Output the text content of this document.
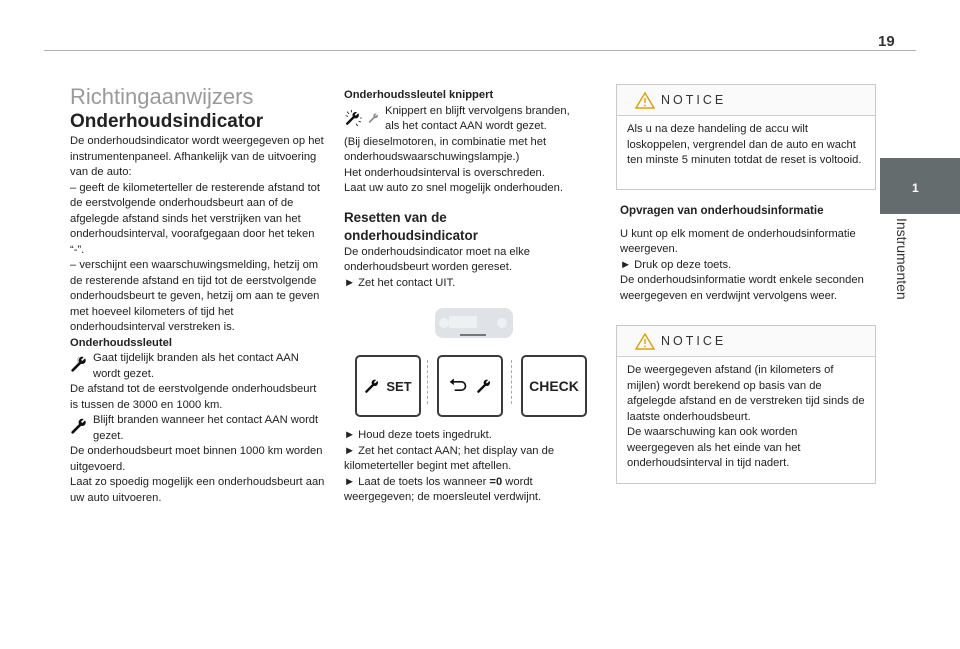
19
1
Instrumenten

Richtingaanwijzers

Onderhoudsindicator

De onderhoudsindicator wordt weergegeven op het instrumentenpaneel. Afhankelijk van de uitvoering van de auto:

– geeft de kilometerteller de resterende afstand tot de eerstvolgende onderhoudsbeurt aan of de afgelegde afstand sinds het verstrijken van het onderhoudsinterval, voorafgegaan door het teken “-”.

– verschijnt een waarschuwingsmelding, hetzij om de resterende afstand en tijd tot de eerstvolgende onderhoudsbeurt te geven, hetzij om aan te geven met hoeveel kilometers of tijd het onderhoudsinterval verstreken is.

Onderhoudssleutel

Gaat tijdelijk branden als het contact AAN wordt gezet.

De afstand tot de eerstvolgende onderhoudsbeurt is tussen de 3000 en 1000 km.

Blijft branden wanneer het contact AAN wordt gezet.

De onderhoudsbeurt moet binnen 1000 km worden uitgevoerd.

Laat zo spoedig mogelijk een onderhoudsbeurt aan uw auto uitvoeren.

Onderhoudssleutel knippert

Knippert en blijft vervolgens branden, als het contact AAN wordt gezet.

(Bij dieselmotoren, in combinatie met het onderhoudswaarschuwingslampje.)

Het onderhoudsinterval is overschreden.

Laat uw auto zo snel mogelijk onderhouden.

Resetten van de onderhoudsindicator

De onderhoudsindicator moet na elke onderhoudsbeurt worden gereset.

► Zet het contact UIT.

SET	CHECK

► Houd deze toets ingedrukt.

► Zet het contact AAN; het display van de kilometerteller begint met aftellen.

► Laat de toets los wanneer =0 wordt weergegeven; de moersleutel verdwijnt.

NOTICE
Als u na deze handeling de accu wilt loskoppelen, vergrendel dan de auto en wacht ten minste 5 minuten totdat de reset is voltooid.

Opvragen van onderhoudsinformatie

U kunt op elk moment de onderhoudsinformatie weergeven.

► Druk op deze toets.

De onderhoudsinformatie wordt enkele seconden weergegeven en verdwijnt vervolgens weer.

NOTICE

De weergegeven afstand (in kilometers of mijlen) wordt berekend op basis van de afgelegde afstand en de verstreken tijd sinds de laatste onderhoudsbeurt.

De waarschuwing kan ook worden weergegeven als het einde van het onderhoudsinterval in tijd nadert.
